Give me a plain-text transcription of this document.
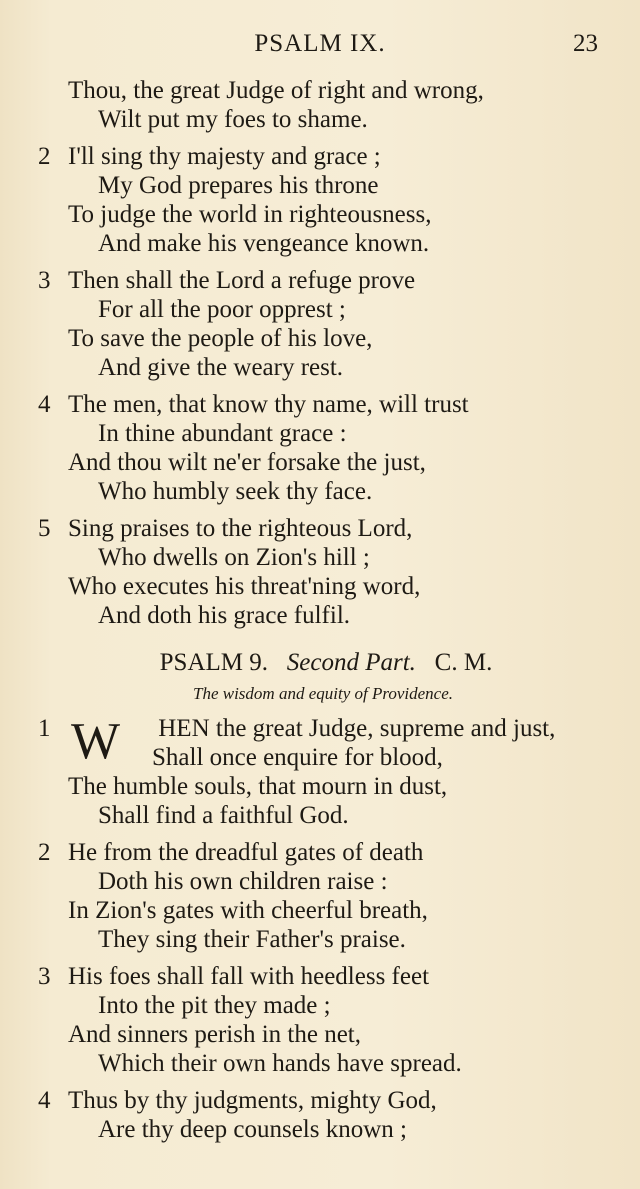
PSALM IX.	23
Thou, the great Judge of right and wrong,
Wilt put my foes to shame.
2 I'll sing thy majesty and grace ;
My God prepares his throne
To judge the world in righteousness,
And make his vengeance known.
3 Then shall the Lord a refuge prove
For all the poor opprest ;
To save the people of his love,
And give the weary rest.
4 The men, that know thy name, will trust
In thine abundant grace :
And thou wilt ne'er forsake the just,
Who humbly seek thy face.
5 Sing praises to the righteous Lord,
Who dwells on Zion's hill ;
Who executes his threat'ning word,
And doth his grace fulfil.
PSALM 9. Second Part. C. M.
The wisdom and equity of Providence.
1 W HEN the great Judge, supreme and just,
Shall once enquire for blood,
The humble souls, that mourn in dust,
Shall find a faithful God.
2 He from the dreadful gates of death
Doth his own children raise :
In Zion's gates with cheerful breath,
They sing their Father's praise.
3 His foes shall fall with heedless feet
Into the pit they made ;
And sinners perish in the net,
Which their own hands have spread.
4 Thus by thy judgments, mighty God,
Are thy deep counsels known ;
